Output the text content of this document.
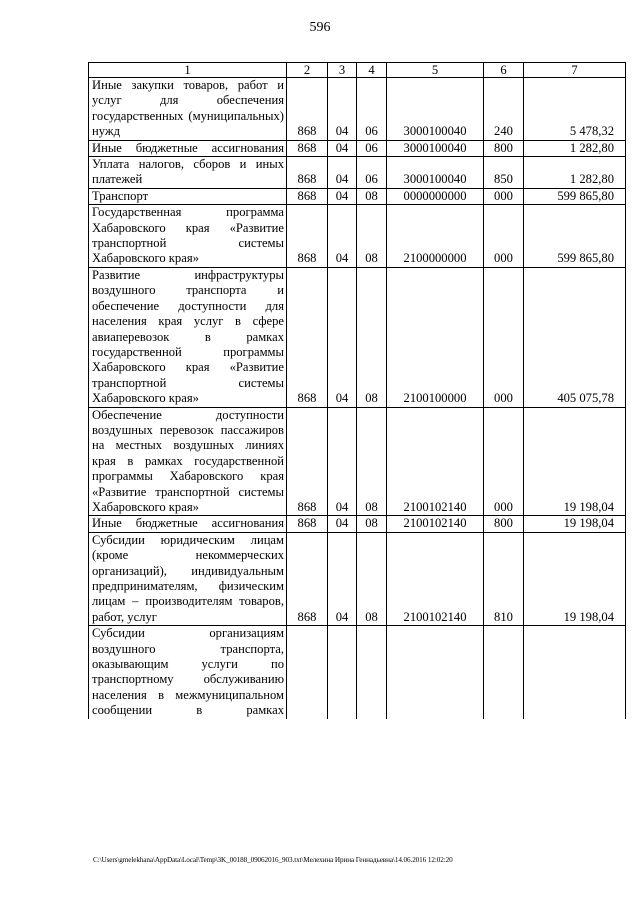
596
1	2	3	4	5	6	7
Иные закупки товаров, работ и услуг для обеспечения государственных (муниципальных) нужд	868	04	06	3000100040	240	5 478,32
Иные бюджетные ассигнования	868	04	06	3000100040	800	1 282,80
Уплата налогов, сборов и иных платежей	868	04	06	3000100040	850	1 282,80
Транспорт	868	04	08	0000000000	000	599 865,80
Государственная программа Хабаровского края «Развитие транспортной системы Хабаровского края»	868	04	08	2100000000	000	599 865,80
Развитие инфраструктуры воздушного транспорта и обеспечение доступности для населения края услуг в сфере авиаперевозок в рамках государственной программы Хабаровского края «Развитие транспортной системы Хабаровского края»	868	04	08	2100100000	000	405 075,78
Обеспечение доступности воздушных перевозок пассажиров на местных воздушных линиях края в рамках государственной программы Хабаровского края «Развитие транспортной системы Хабаровского края»	868	04	08	2100102140	000	19 198,04
Иные бюджетные ассигнования	868	04	08	2100102140	800	19 198,04
Субсидии юридическим лицам (кроме некоммерческих организаций), индивидуальным предпринимателям, физическим лицам – производителям товаров, работ, услуг	868	04	08	2100102140	810	19 198,04
Субсидии организациям воздушного транспорта, оказывающим услуги по транспортному обслуживанию населения в межмуниципальном сообщении в рамках						
C:\Users\gmelekhana\AppData\Local\Temp\3K_00188_09062016_903.txt\Мелехина Ирина Геннадьевна\14.06.2016 12:02:20
